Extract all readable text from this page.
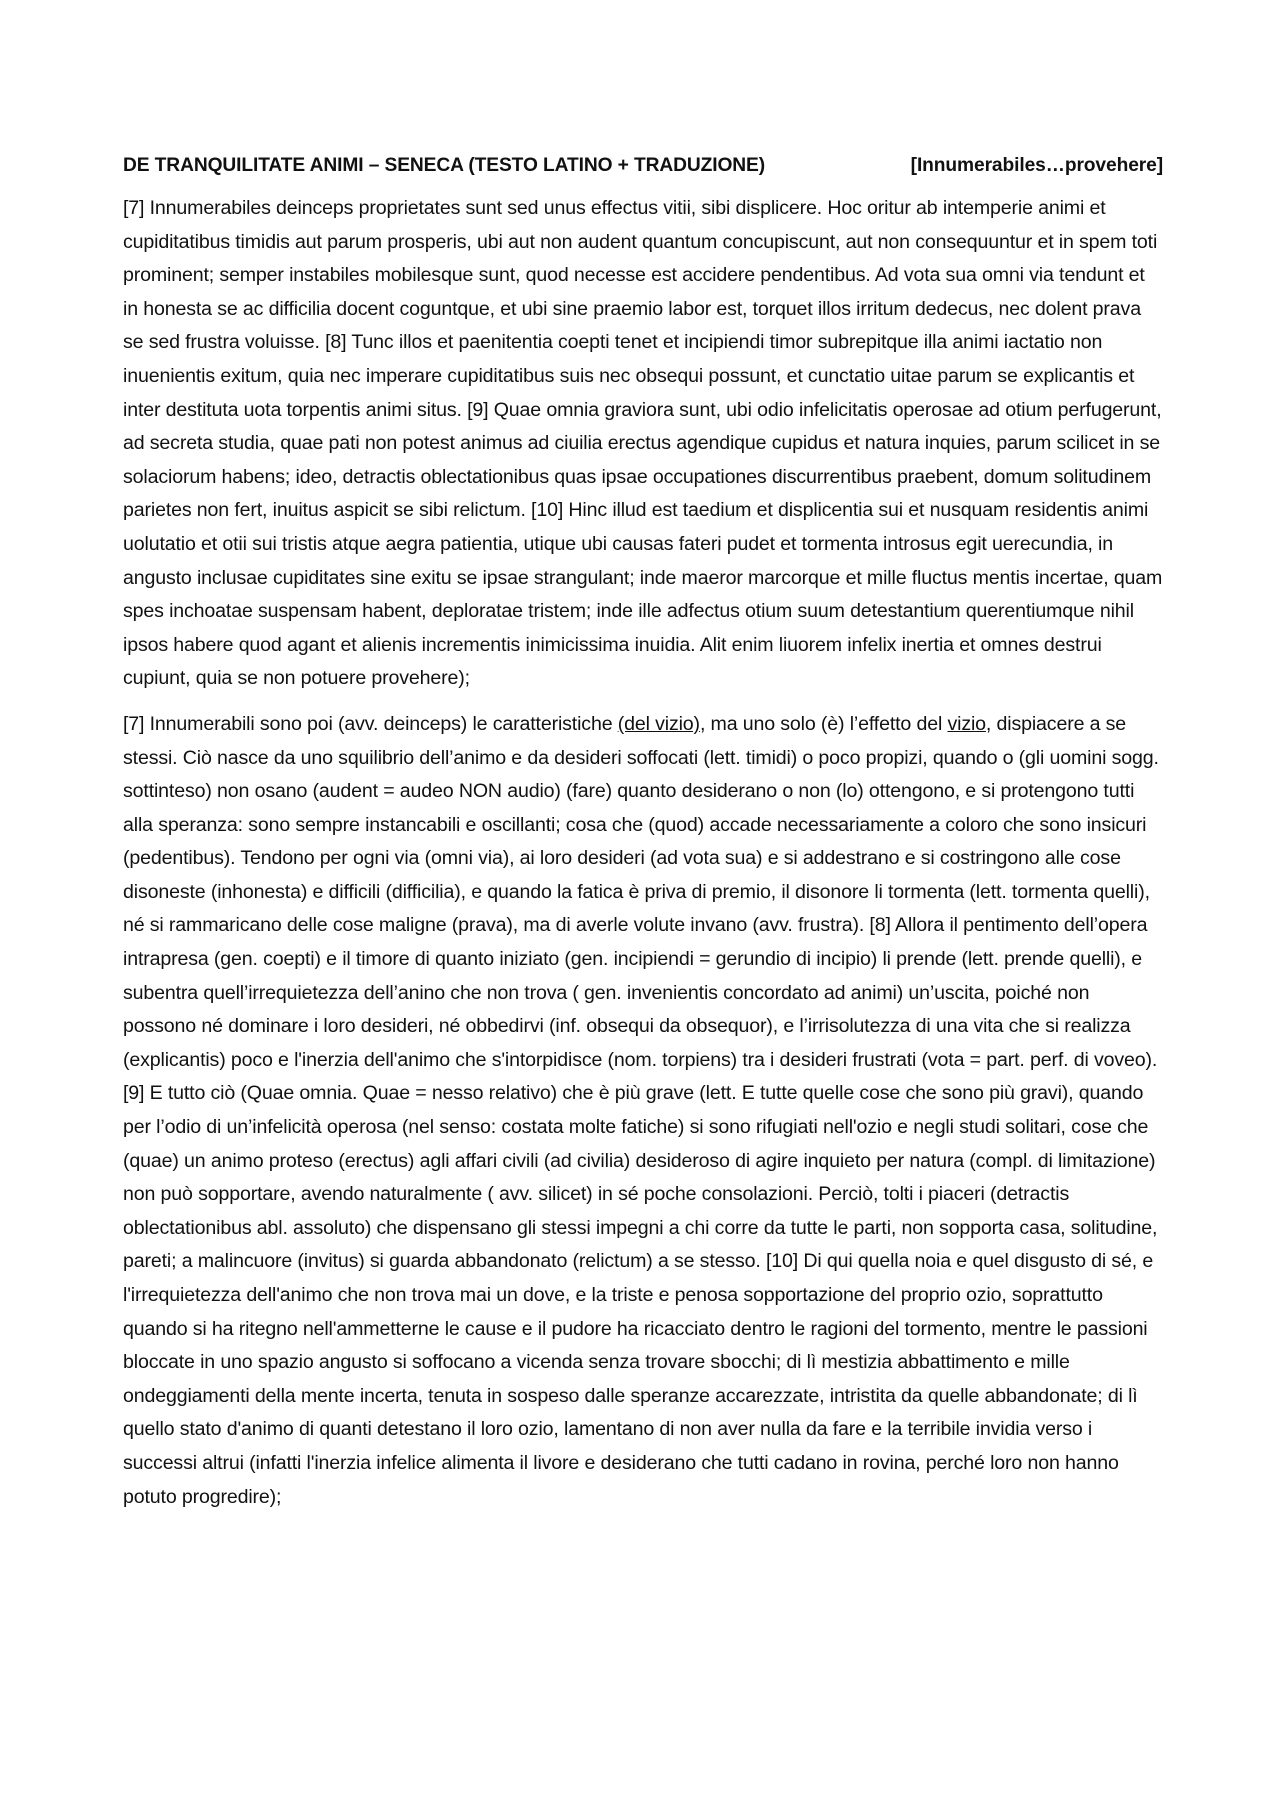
DE TRANQUILITATE ANIMI – SENECA (TESTO LATINO + TRADUZIONE)	[Innumerabiles…provehere]

[7] Innumerabiles deinceps proprietates sunt sed unus effectus vitii, sibi displicere. Hoc oritur ab intemperie animi et cupiditatibus timidis aut parum prosperis, ubi aut non audent quantum concupiscunt, aut non consequuntur et in spem toti prominent; semper instabiles mobilesque sunt, quod necesse est accidere pendentibus. Ad vota sua omni via tendunt et in honesta se ac difficilia docent coguntque, et ubi sine praemio labor est, torquet illos irritum dedecus, nec dolent prava se sed frustra voluisse. [8] Tunc illos et paenitentia coepti tenet et incipiendi timor subrepitque illa animi iactatio non inuenientis exitum, quia nec imperare cupiditatibus suis nec obsequi possunt, et cunctatio uitae parum se explicantis et inter destituta uota torpentis animi situs. [9] Quae omnia graviora sunt, ubi odio infelicitatis operosae ad otium perfugerunt, ad secreta studia, quae pati non potest animus ad ciuilia erectus agendique cupidus et natura inquies, parum scilicet in se solaciorum habens; ideo, detractis oblectationibus quas ipsae occupationes discurrentibus praebent, domum solitudinem parietes non fert, inuitus aspicit se sibi relictum. [10] Hinc illud est taedium et displicentia sui et nusquam residentis animi uolutatio et otii sui tristis atque aegra patientia, utique ubi causas fateri pudet et tormenta introsus egit uerecundia, in angusto inclusae cupiditates sine exitu se ipsae strangulant; inde maeror marcorque et mille fluctus mentis incertae, quam spes inchoatae suspensam habent, deploratae tristem; inde ille adfectus otium suum detestantium querentiumque nihil ipsos habere quod agant et alienis incrementis inimicissima inuidia. Alit enim liuorem infelix inertia et omnes destrui cupiunt, quia se non potuere provehere);

[7] Innumerabili sono poi (avv. deinceps) le caratteristiche (del vizio), ma uno solo (è) l’effetto del vizio, dispiacere a se stessi. Ciò nasce da uno squilibrio dell’animo e da desideri soffocati (lett. timidi) o poco propizi, quando o (gli uomini sogg. sottinteso) non osano (audent = audeo NON audio) (fare) quanto desiderano o non (lo) ottengono, e si protengono tutti alla speranza: sono sempre instancabili e oscillanti; cosa che (quod) accade necessariamente a coloro che sono insicuri (pedentibus). Tendono per ogni via (omni via), ai loro desideri (ad vota sua) e si addestrano e si costringono alle cose disoneste (inhonesta) e difficili (difficilia), e quando la fatica è priva di premio, il disonore li tormenta (lett. tormenta quelli), né si rammaricano delle cose maligne (prava), ma di averle volute invano (avv. frustra). [8] Allora il pentimento dell’opera intrapresa (gen. coepti) e il timore di quanto iniziato (gen. incipiendi = gerundio di incipio) li prende (lett. prende quelli), e subentra quell’irrequietezza dell’anino che non trova ( gen. invenientis concordato ad animi) un’uscita, poiché non possono né dominare i loro desideri, né obbedirvi (inf. obsequi da obsequor), e l’irrisolutezza di una vita che si realizza (explicantis) poco e l'inerzia dell'animo che s'intorpidisce (nom. torpiens) tra i desideri frustrati (vota = part. perf. di voveo). [9] E tutto ciò (Quae omnia. Quae = nesso relativo) che è più grave (lett. E tutte quelle cose che sono più gravi), quando per l’odio di un’infelicità operosa (nel senso: costata molte fatiche) si sono rifugiati nell'ozio e negli studi solitari, cose che (quae) un animo proteso (erectus) agli affari civili (ad civilia) desideroso di agire inquieto per natura (compl. di limitazione) non può sopportare, avendo naturalmente ( avv. silicet) in sé poche consolazioni. Perciò, tolti i piaceri (detractis oblectationibus abl. assoluto) che dispensano gli stessi impegni a chi corre da tutte le parti, non sopporta casa, solitudine, pareti; a malincuore (invitus) si guarda abbandonato (relictum) a se stesso. [10] Di qui quella noia e quel disgusto di sé, e l'irrequietezza dell'animo che non trova mai un dove, e la triste e penosa sopportazione del proprio ozio, soprattutto quando si ha ritegno nell'ammetterne le cause e il pudore ha ricacciato dentro le ragioni del tormento, mentre le passioni bloccate in uno spazio angusto si soffocano a vicenda senza trovare sbocchi; di lì mestizia abbattimento e mille ondeggiamenti della mente incerta, tenuta in sospeso dalle speranze accarezzate, intristita da quelle abbandonate; di lì quello stato d'animo di quanti detestano il loro ozio, lamentano di non aver nulla da fare e la terribile invidia verso i successi altrui (infatti l'inerzia infelice alimenta il livore e desiderano che tutti cadano in rovina, perché loro non hanno potuto progredire);
